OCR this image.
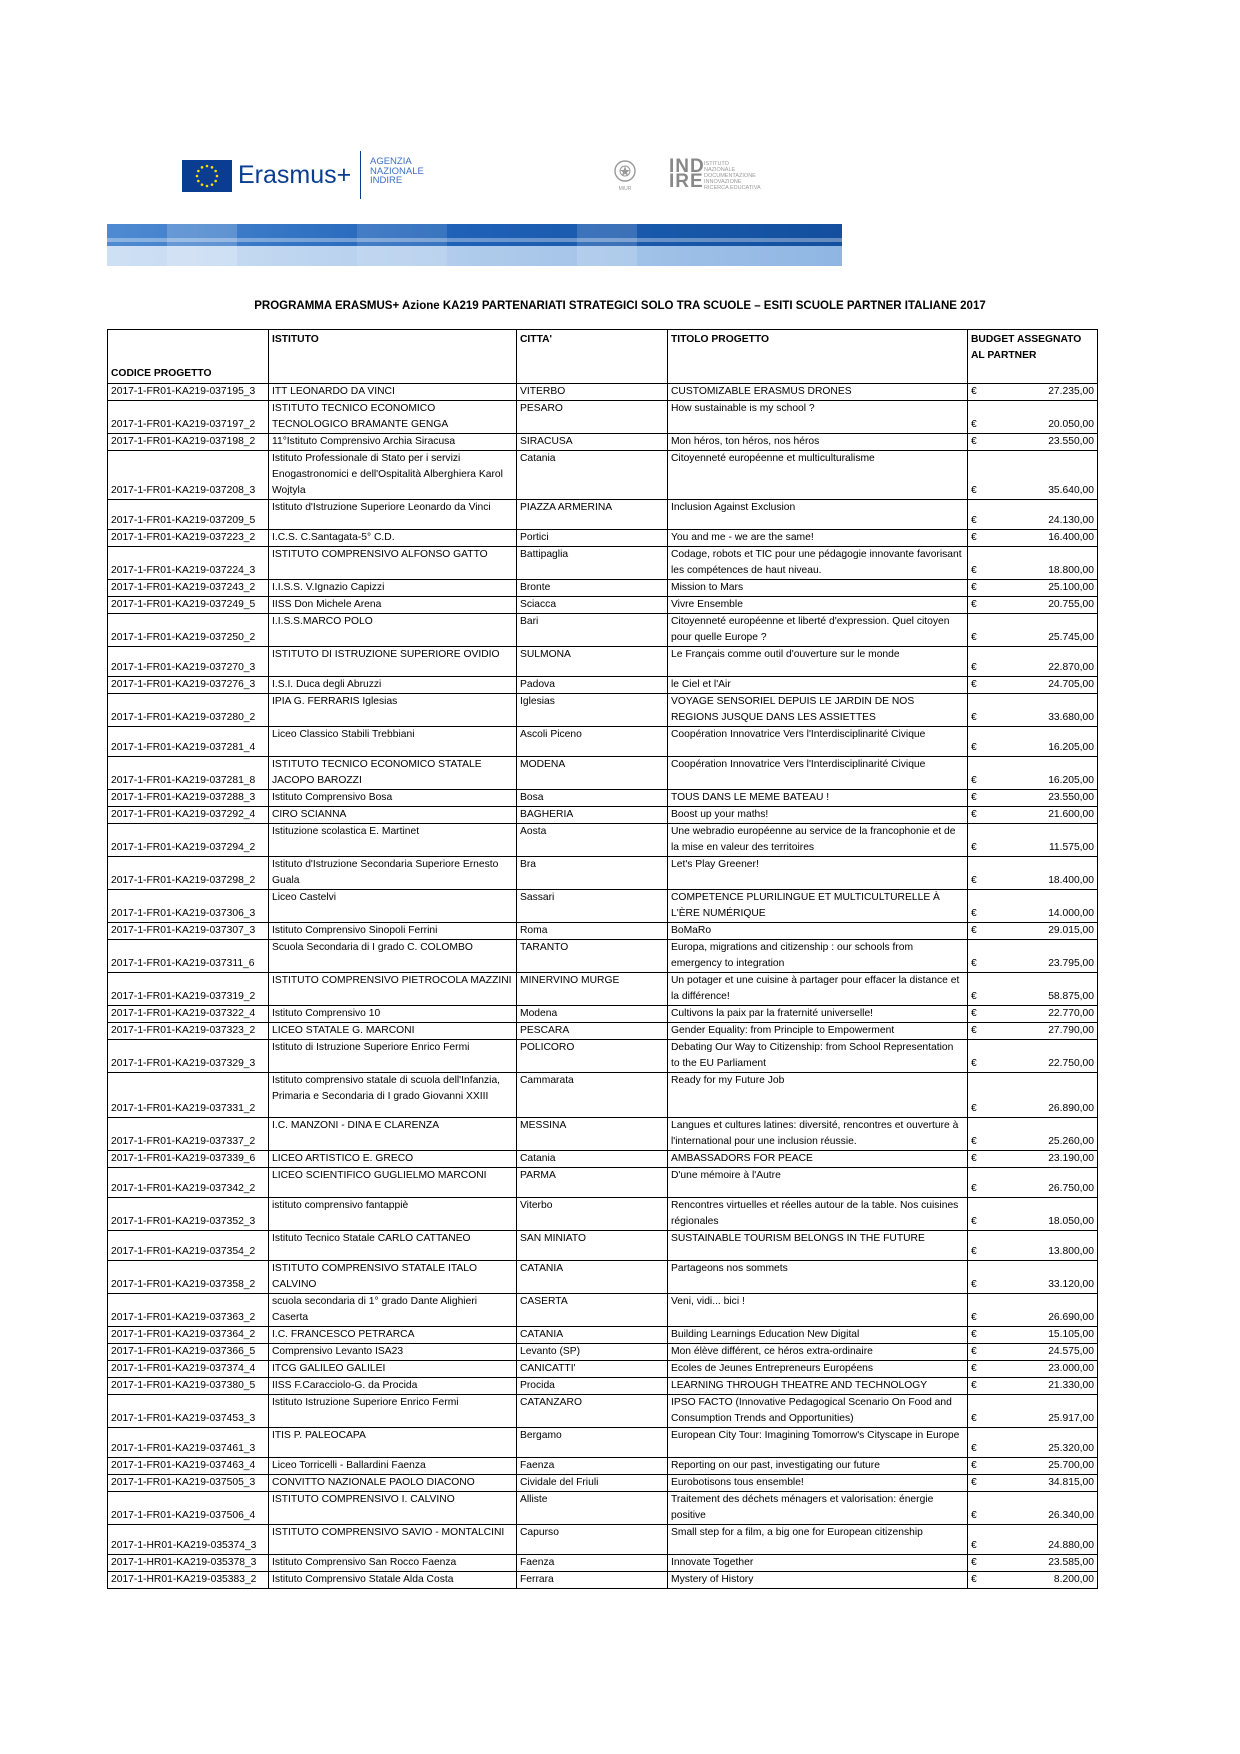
Erasmus+ AGENZIA
NAZIONALE
INDIRE
MIUR
IND
IRE
ISTITUTO
NAZIONALE
DOCUMENTAZIONE
INNOVAZIONE
RICERCA EDUCATIVA
PROGRAMMA ERASMUS+ Azione KA219 PARTENARIATI STRATEGICI SOLO TRA SCUOLE – ESITI SCUOLE PARTNER ITALIANE 2017
CODICE PROGETTO	ISTITUTO	CITTA'	TITOLO PROGETTO	BUDGET ASSEGNATO AL PARTNER
2017-1-FR01-KA219-037195_3	ITT LEONARDO DA VINCI	VITERBO	CUSTOMIZABLE ERASMUS DRONES	€ 27.235,00

2017-1-FR01-KA219-037197_2	ISTITUTO TECNICO ECONOMICO TECNOLOGICO BRAMANTE GENGA	PESARO	How sustainable is my school ?	€ 20.050,00

2017-1-FR01-KA219-037198_2	11°Istituto Comprensivo Archia Siracusa	SIRACUSA	Mon héros, ton héros, nos héros	€ 23.550,00

2017-1-FR01-KA219-037208_3	Istituto Professionale di Stato per i servizi Enogastronomici e dell'Ospitalità Alberghiera Karol Wojtyla	Catania	Citoyenneté européenne et multiculturalisme	€ 35.640,00

2017-1-FR01-KA219-037209_5	Istituto d'Istruzione Superiore Leonardo da Vinci	PIAZZA ARMERINA	Inclusion Against Exclusion	€ 24.130,00

2017-1-FR01-KA219-037223_2	I.C.S. C.Santagata-5° C.D.	Portici	You and me - we are the same!	€ 16.400,00

2017-1-FR01-KA219-037224_3	ISTITUTO COMPRENSIVO ALFONSO GATTO	Battipaglia	Codage, robots et TIC pour une pédagogie innovante favorisant les compétences de haut niveau.	€ 18.800,00

2017-1-FR01-KA219-037243_2	I.I.S.S. V.Ignazio Capizzi	Bronte	Mission to Mars	€ 25.100,00

2017-1-FR01-KA219-037249_5	IISS Don Michele Arena	Sciacca	Vivre Ensemble	€ 20.755,00

2017-1-FR01-KA219-037250_2	I.I.S.S.MARCO POLO	Bari	Citoyenneté européenne et liberté d'expression. Quel citoyen pour quelle Europe ?	€ 25.745,00

2017-1-FR01-KA219-037270_3	ISTITUTO DI ISTRUZIONE SUPERIORE OVIDIO	SULMONA	Le Français comme outil d'ouverture sur le monde	€ 22.870,00

2017-1-FR01-KA219-037276_3	I.S.I. Duca degli Abruzzi	Padova	le Ciel et l'Air	€ 24.705,00

2017-1-FR01-KA219-037280_2	IPIA G. FERRARIS Iglesias	Iglesias	VOYAGE SENSORIEL DEPUIS LE JARDIN DE NOS REGIONS JUSQUE DANS LES ASSIETTES	€ 33.680,00

2017-1-FR01-KA219-037281_4	Liceo Classico Stabili Trebbiani	Ascoli Piceno	Coopération Innovatrice Vers l'Interdisciplinarité Civique	€ 16.205,00

2017-1-FR01-KA219-037281_8	ISTITUTO TECNICO ECONOMICO STATALE JACOPO BAROZZI	MODENA	Coopération Innovatrice Vers l'Interdisciplinarité Civique	€ 16.205,00

2017-1-FR01-KA219-037288_3	Istituto Comprensivo Bosa	Bosa	TOUS DANS LE MEME BATEAU !	€ 23.550,00

2017-1-FR01-KA219-037292_4	CIRO SCIANNA	BAGHERIA	Boost up your maths!	€ 21.600,00

2017-1-FR01-KA219-037294_2	Istituzione scolastica E. Martinet	Aosta	Une webradio européenne au service de la francophonie et de la mise en valeur des territoires	€ 11.575,00

2017-1-FR01-KA219-037298_2	Istituto d'Istruzione Secondaria Superiore Ernesto Guala	Bra	Let's Play Greener!	€ 18.400,00

2017-1-FR01-KA219-037306_3	Liceo Castelvi	Sassari	COMPETENCE PLURILINGUE ET MULTICULTURELLE À L'ÈRE NUMÉRIQUE	€ 14.000,00

2017-1-FR01-KA219-037307_3	Istituto Comprensivo Sinopoli Ferrini	Roma	BoMaRo	€ 29.015,00

2017-1-FR01-KA219-037311_6	Scuola Secondaria di I grado C. COLOMBO	TARANTO	Europa, migrations and citizenship : our schools from emergency to integration	€ 23.795,00

2017-1-FR01-KA219-037319_2	ISTITUTO COMPRENSIVO PIETROCOLA MAZZINI	MINERVINO MURGE	Un potager et une cuisine à partager pour effacer la distance et la différence!	€ 58.875,00

2017-1-FR01-KA219-037322_4	Istituto Comprensivo 10	Modena	Cultivons la paix par la fraternité universelle!	€ 22.770,00

2017-1-FR01-KA219-037323_2	LICEO STATALE G. MARCONI	PESCARA	Gender Equality: from Principle to Empowerment	€ 27.790,00

2017-1-FR01-KA219-037329_3	Istituto di Istruzione Superiore Enrico Fermi	POLICORO	Debating Our Way to Citizenship: from School Representation to the EU Parliament	€ 22.750,00

2017-1-FR01-KA219-037331_2	Istituto comprensivo statale di scuola dell'Infanzia, Primaria e Secondaria di I grado Giovanni XXIII	Cammarata	Ready for my Future Job	€ 26.890,00

2017-1-FR01-KA219-037337_2	I.C. MANZONI - DINA E CLARENZA	MESSINA	Langues et cultures latines: diversité, rencontres et ouverture à l'international pour une inclusion réussie.	€ 25.260,00

2017-1-FR01-KA219-037339_6	LICEO ARTISTICO E. GRECO	Catania	AMBASSADORS FOR PEACE	€ 23.190,00

2017-1-FR01-KA219-037342_2	LICEO SCIENTIFICO GUGLIELMO MARCONI	PARMA	D'une mémoire à l'Autre	€ 26.750,00

2017-1-FR01-KA219-037352_3	istituto comprensivo fantappiè	Viterbo	Rencontres virtuelles et réelles autour de la table. Nos cuisines régionales	€ 18.050,00

2017-1-FR01-KA219-037354_2	Istituto Tecnico Statale CARLO CATTANEO	SAN MINIATO	SUSTAINABLE TOURISM BELONGS IN THE FUTURE	€ 13.800,00

2017-1-FR01-KA219-037358_2	ISTITUTO COMPRENSIVO STATALE ITALO CALVINO	CATANIA	Partageons nos sommets	€ 33.120,00

2017-1-FR01-KA219-037363_2	scuola secondaria di 1° grado Dante Alighieri Caserta	CASERTA	Veni, vidi... bici !	€ 26.690,00

2017-1-FR01-KA219-037364_2	I.C. FRANCESCO PETRARCA	CATANIA	Building Learnings Education New Digital	€ 15.105,00

2017-1-FR01-KA219-037366_5	Comprensivo Levanto ISA23	Levanto (SP)	Mon élève différent, ce héros extra-ordinaire	€ 24.575,00

2017-1-FR01-KA219-037374_4	ITCG GALILEO GALILEI	CANICATTI'	Ecoles de Jeunes Entrepreneurs Européens	€ 23.000,00

2017-1-FR01-KA219-037380_5	IISS F.Caracciolo-G. da Procida	Procida	LEARNING THROUGH THEATRE AND TECHNOLOGY	€ 21.330,00

2017-1-FR01-KA219-037453_3	Istituto Istruzione Superiore Enrico Fermi	CATANZARO	IPSO FACTO (Innovative Pedagogical Scenario On Food and Consumption Trends and Opportunities)	€ 25.917,00

2017-1-FR01-KA219-037461_3	ITIS P. PALEOCAPA	Bergamo	European City Tour: Imagining Tomorrow's Cityscape in Europe	€ 25.320,00

2017-1-FR01-KA219-037463_4	Liceo Torricelli - Ballardini Faenza	Faenza	Reporting on our past, investigating our future	€ 25.700,00

2017-1-FR01-KA219-037505_3	CONVITTO NAZIONALE PAOLO DIACONO	Cividale del Friuli	Eurobotisons tous ensemble!	€ 34.815,00

2017-1-FR01-KA219-037506_4	ISTITUTO COMPRENSIVO I. CALVINO	Alliste	Traitement des déchets ménagers et valorisation: énergie positive	€ 26.340,00

2017-1-HR01-KA219-035374_3	ISTITUTO COMPRENSIVO SAVIO - MONTALCINI	Capurso	Small step for a film, a big one for European citizenship	€ 24.880,00

2017-1-HR01-KA219-035378_3	Istituto Comprensivo San Rocco Faenza	Faenza	Innovate Together	€ 23.585,00

2017-1-HR01-KA219-035383_2	Istituto Comprensivo Statale Alda Costa	Ferrara	Mystery of History	€ 8.200,00
